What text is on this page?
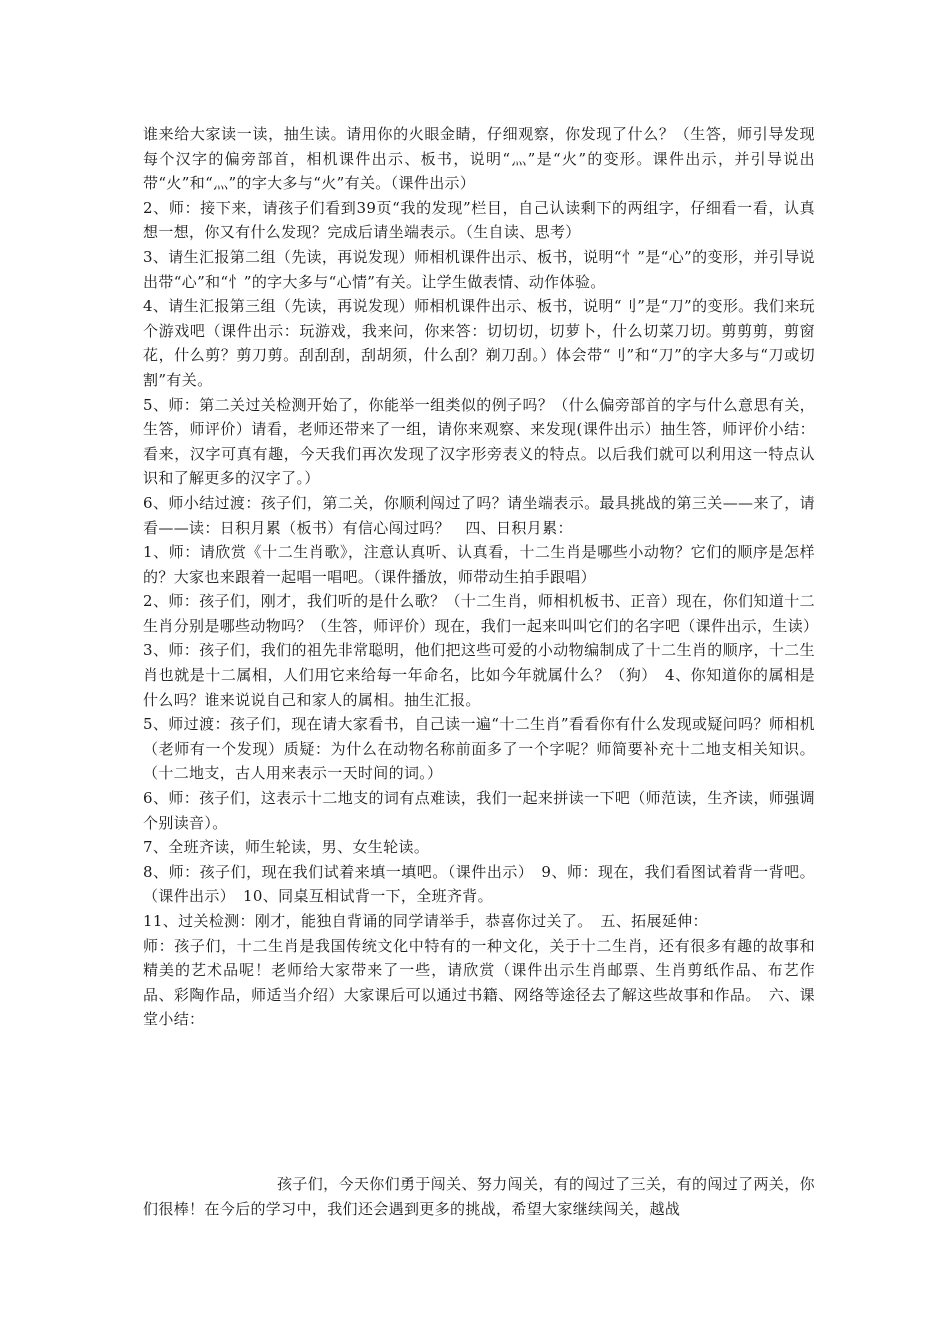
谁来给大家读一读，抽生读。请用你的火眼金睛，仔细观察，你发现了什么？（生答，师引导发现每个汉字的偏旁部首，相机课件出示、板书，说明“灬”是“火”的变形。课件出示，并引导说出带“火”和“灬”的字大多与“火”有关。（课件出示）

2、师：接下来，请孩子们看到39页“我的发现”栏目，自己认读剩下的两组字，仔细看一看，认真想一想，你又有什么发现？完成后请坐端表示。（生自读、思考）

3、请生汇报第二组（先读，再说发现）师相机课件出示、板书，说明“忄”是“心”的变形，并引导说出带“心”和“忄”的字大多与“心情”有关。让学生做表情、动作体验。

4、请生汇报第三组（先读，再说发现）师相机课件出示、板书，说明“刂”是“刀”的变形。我们来玩个游戏吧（课件出示：玩游戏，我来问，你来答：切切切，切萝卜，什么切菜刀切。剪剪剪，剪窗花，什么剪？剪刀剪。刮刮刮，刮胡须，什么刮？剃刀刮。）体会带“刂”和“刀”的字大多与“刀或切割”有关。

5、师：第二关过关检测开始了，你能举一组类似的例子吗？（什么偏旁部首的字与什么意思有关，生答，师评价）请看，老师还带来了一组，请你来观察、来发现(课件出示）抽生答，师评价小结：看来，汉字可真有趣，今天我们再次发现了汉字形旁表义的特点。以后我们就可以利用这一特点认识和了解更多的汉字了。）

6、师小结过渡：孩子们，第二关，你顺利闯过了吗？请坐端表示。最具挑战的第三关——来了，请看——读：日积月累（板书）有信心闯过吗？　四、日积月累：

1、师：请欣赏《十二生肖歌》，注意认真听、认真看，十二生肖是哪些小动物？它们的顺序是怎样的？大家也来跟着一起唱一唱吧。（课件播放，师带动生拍手跟唱）

2、师：孩子们，刚才，我们听的是什么歌？（十二生肖，师相机板书、正音）现在，你们知道十二生肖分别是哪些动物吗？（生答，师评价）现在，我们一起来叫叫它们的名字吧（课件出示，生读）

3、师：孩子们，我们的祖先非常聪明，他们把这些可爱的小动物编制成了十二生肖的顺序，十二生肖也就是十二属相，人们用它来给每一年命名，比如今年就属什么？（狗）　4、你知道你的属相是什么吗？谁来说说自己和家人的属相。抽生汇报。

5、师过渡：孩子们，现在请大家看书，自己读一遍“十二生肖”看看你有什么发现或疑问吗？师相机（老师有一个发现）质疑：为什么在动物名称前面多了一个字呢？师简要补充十二地支相关知识。（十二地支，古人用来表示一天时间的词。）

6、师：孩子们，这表示十二地支的词有点难读，我们一起来拼读一下吧（师范读，生齐读，师强调个别读音）。

7、全班齐读，师生轮读，男、女生轮读。

8、师：孩子们，现在我们试着来填一填吧。（课件出示）　9、师：现在，我们看图试着背一背吧。（课件出示）　10、同桌互相试背一下，全班齐背。

11、过关检测：刚才，能独自背诵的同学请举手，恭喜你过关了。　五、拓展延伸：

师：孩子们，十二生肖是我国传统文化中特有的一种文化，关于十二生肖，还有很多有趣的故事和精美的艺术品呢！老师给大家带来了一些，请欣赏（课件出示生肖邮票、生肖剪纸作品、布艺作品、彩陶作品，师适当介绍）大家课后可以通过书籍、网络等途径去了解这些故事和作品。　六、课堂小结：

孩子们，今天你们勇于闯关、努力闯关，有的闯过了三关，有的闯过了两关，你们很棒！在今后的学习中，我们还会遇到更多的挑战，希望大家继续闯关，越战
